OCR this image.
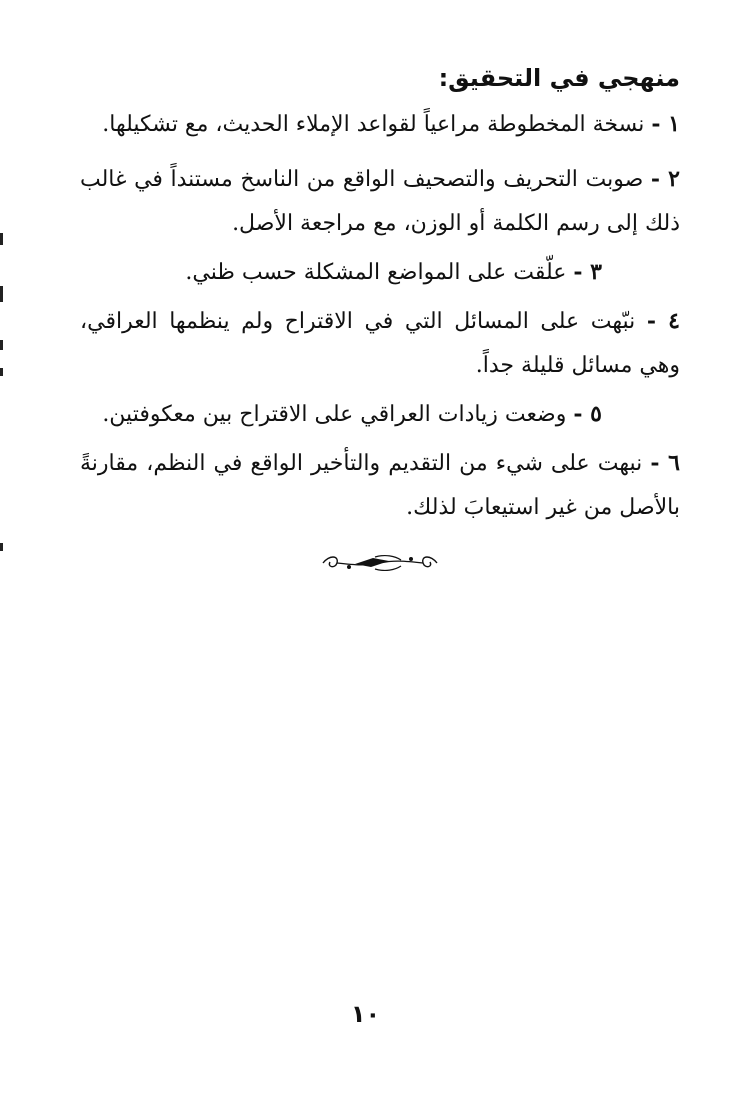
منهجي في التحقيق:

١ - نسخة المخطوطة مراعياً لقواعد الإملاء الحديث، مع تشكيلها.

٢ - صوبت التحريف والتصحيف الواقع من الناسخ مستنداً في غالب ذلك إلى رسم الكلمة أو الوزن، مع مراجعة الأصل.

٣ - علّقت على المواضع المشكلة حسب ظني.

٤ - نبّهت على المسائل التي في الاقتراح ولم ينظمها العراقي، وهي مسائل قليلة جداً.

٥ - وضعت زيادات العراقي على الاقتراح بين معكوفتين.

٦ - نبهت على شيء من التقديم والتأخير الواقع في النظم، مقارنةً بالأصل من غير استيعابَ لذلك.

١٠
